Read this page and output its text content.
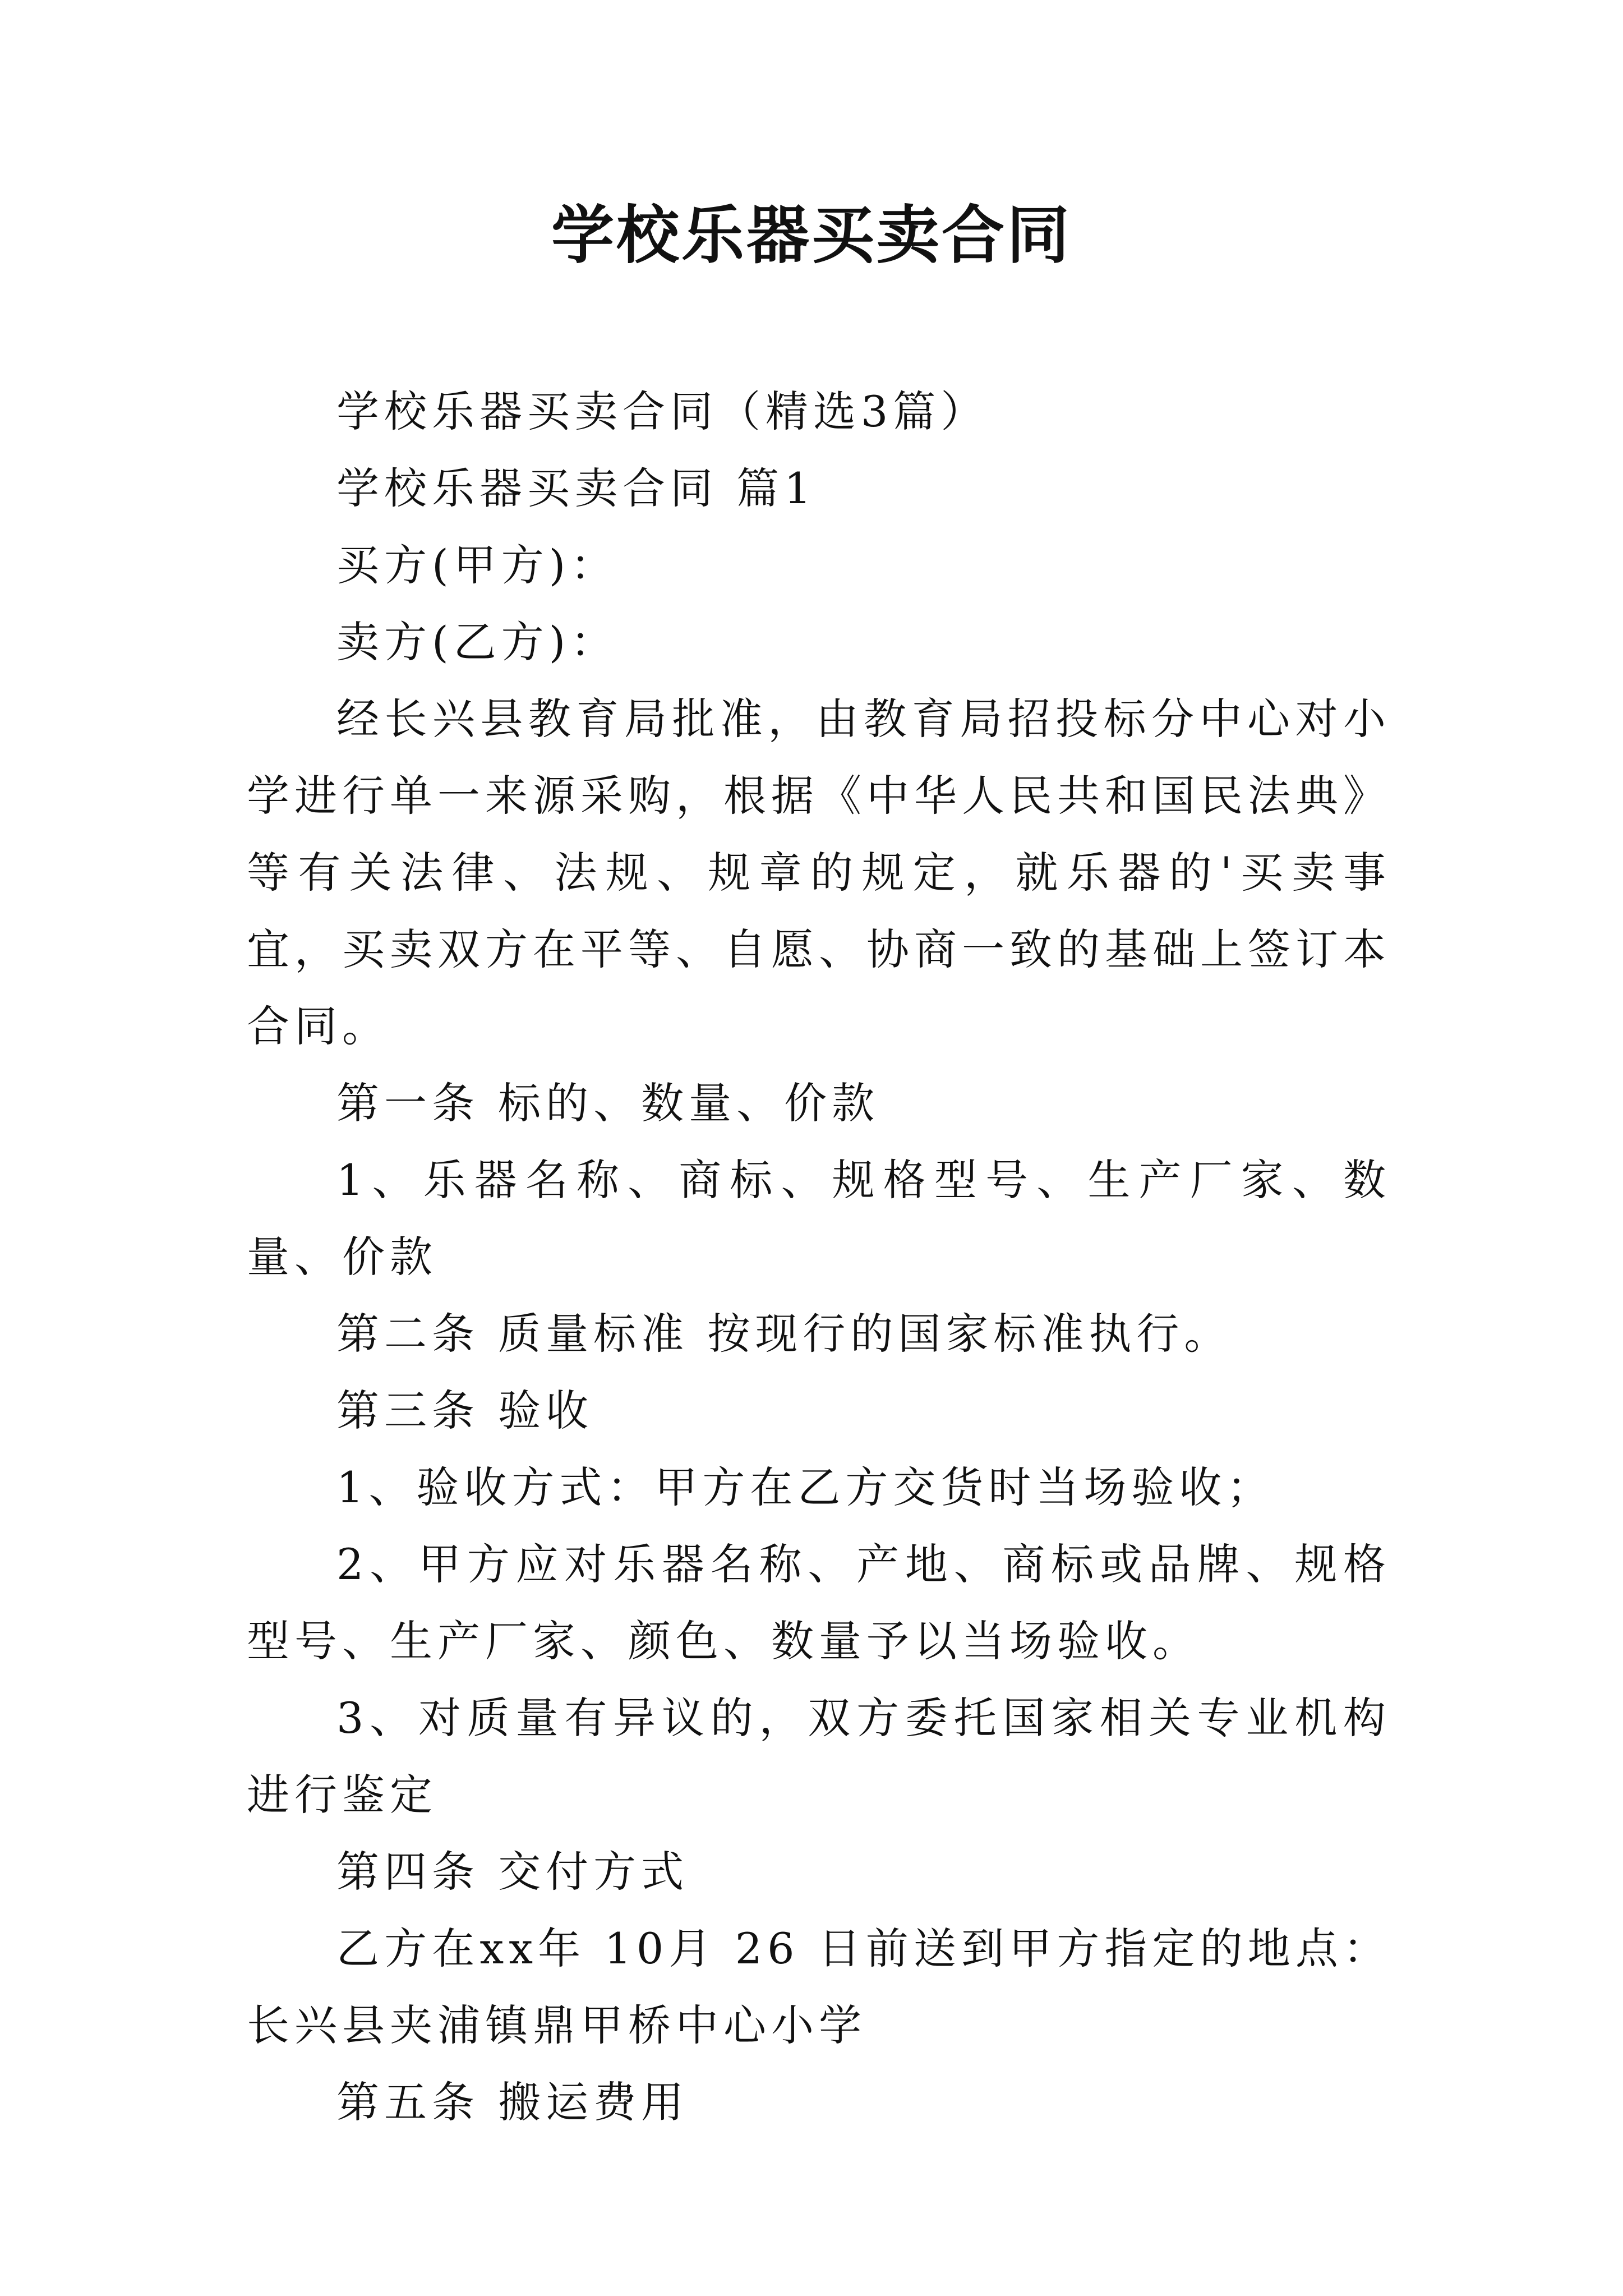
学校乐器买卖合同

学校乐器买卖合同（精选3篇）

学校乐器买卖合同 篇1

买方(甲方)：

卖方(乙方)：

经长兴县教育局批准，由教育局招投标分中心对小学进行单一来源采购，根据《中华人民共和国民法典》等有关法律、法规、规章的规定，就乐器的'买卖事宜，买卖双方在平等、自愿、协商一致的基础上签订本合同。

第一条 标的、数量、价款

1、乐器名称、商标、规格型号、生产厂家、数量、价款

第二条 质量标准 按现行的国家标准执行。

第三条 验收

1、验收方式：甲方在乙方交货时当场验收；

2、甲方应对乐器名称、产地、商标或品牌、规格型号、生产厂家、颜色、数量予以当场验收。

3、对质量有异议的，双方委托国家相关专业机构进行鉴定

第四条 交付方式

乙方在xx年 10月 26 日前送到甲方指定的地点：长兴县夹浦镇鼎甲桥中心小学

第五条 搬运费用
